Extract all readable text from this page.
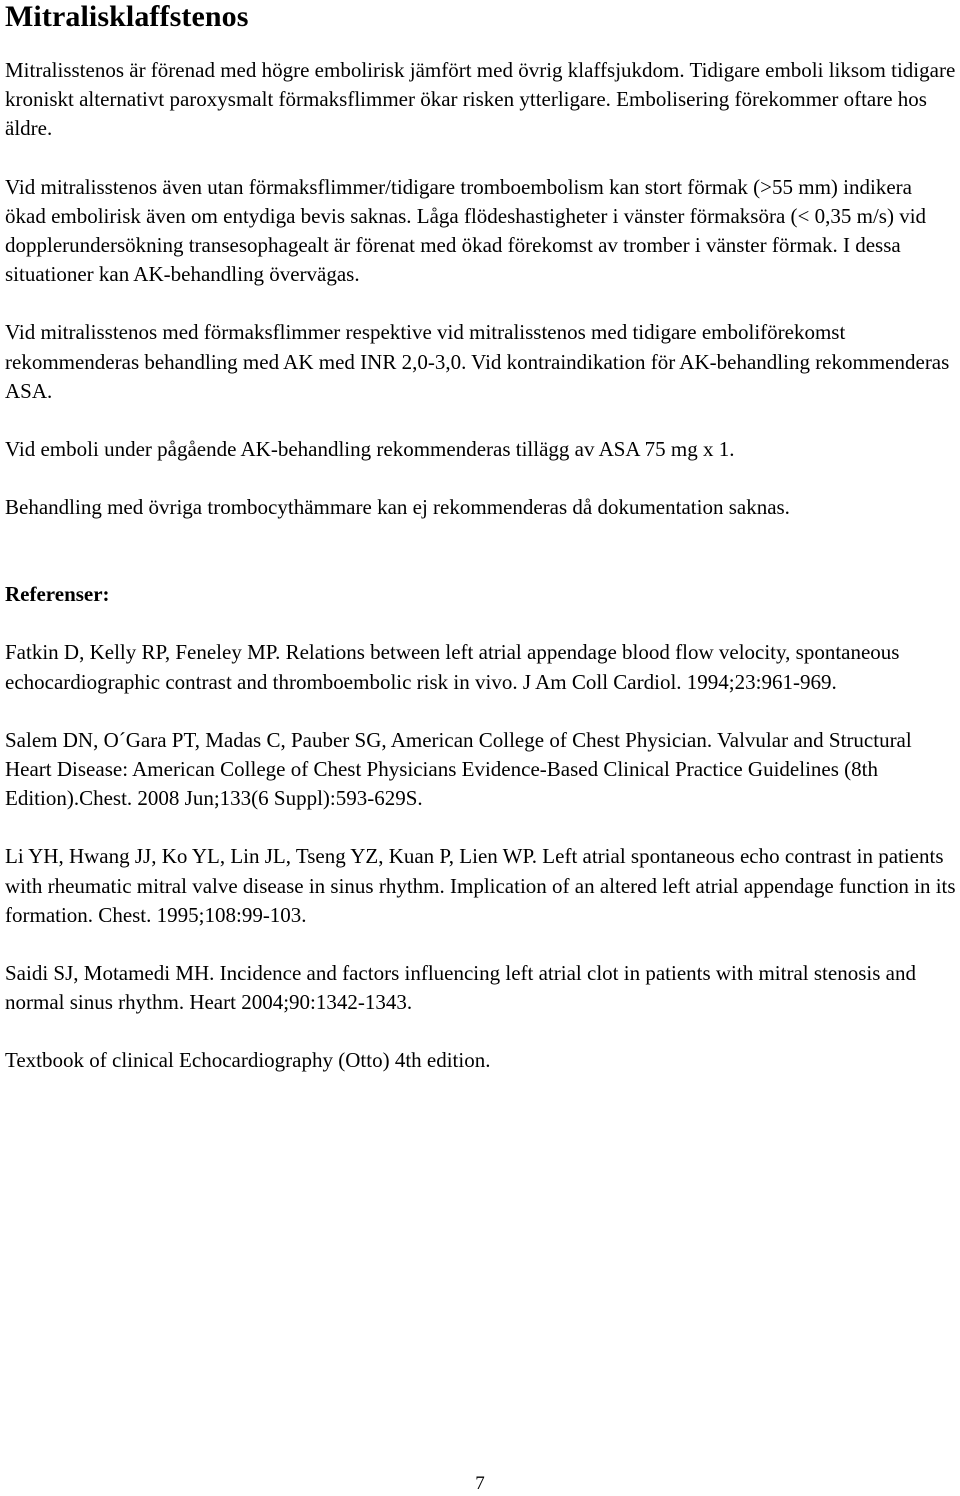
Mitralisklaffstenos

Mitralisstenos är förenad med högre embolirisk jämfört med övrig klaffsjukdom. Tidigare emboli liksom tidigare kroniskt alternativt paroxysmalt förmaksflimmer ökar risken ytterligare. Embolisering förekommer oftare hos äldre.

Vid mitralisstenos även utan förmaksflimmer/tidigare tromboembolism kan stort förmak (>55 mm) indikera ökad embolirisk även om entydiga bevis saknas. Låga flödeshastigheter i vänster förmaksöra (< 0,35 m/s) vid dopplerundersökning transesophagealt är förenat med ökad förekomst av tromber i vänster förmak. I dessa situationer kan AK-behandling övervägas.

Vid mitralisstenos med förmaksflimmer respektive vid mitralisstenos med tidigare emboliförekomst rekommenderas behandling med AK med INR 2,0-3,0. Vid kontraindikation för AK-behandling rekommenderas ASA.

Vid emboli under pågående AK-behandling rekommenderas tillägg av ASA 75 mg x 1.

Behandling med övriga trombocythämmare kan ej rekommenderas då dokumentation saknas.

Referenser:

Fatkin D, Kelly RP, Feneley MP. Relations between left atrial appendage blood flow velocity, spontaneous echocardiographic contrast and thromboembolic risk in vivo. J Am Coll Cardiol. 1994;23:961-969.

Salem DN, O´Gara PT, Madas C, Pauber SG, American College of Chest Physician. Valvular and Structural Heart Disease: American College of Chest Physicians Evidence-Based Clinical Practice Guidelines (8th Edition).Chest. 2008 Jun;133(6 Suppl):593-629S.

Li YH, Hwang JJ, Ko YL, Lin JL, Tseng YZ, Kuan P, Lien WP. Left atrial spontaneous echo contrast in patients with rheumatic mitral valve disease in sinus rhythm. Implication of an altered left atrial appendage function in its formation. Chest. 1995;108:99-103.

Saidi SJ, Motamedi MH. Incidence and factors influencing left atrial clot in patients with mitral stenosis and normal sinus rhythm. Heart 2004;90:1342-1343.

Textbook of clinical Echocardiography (Otto) 4th edition.

7
